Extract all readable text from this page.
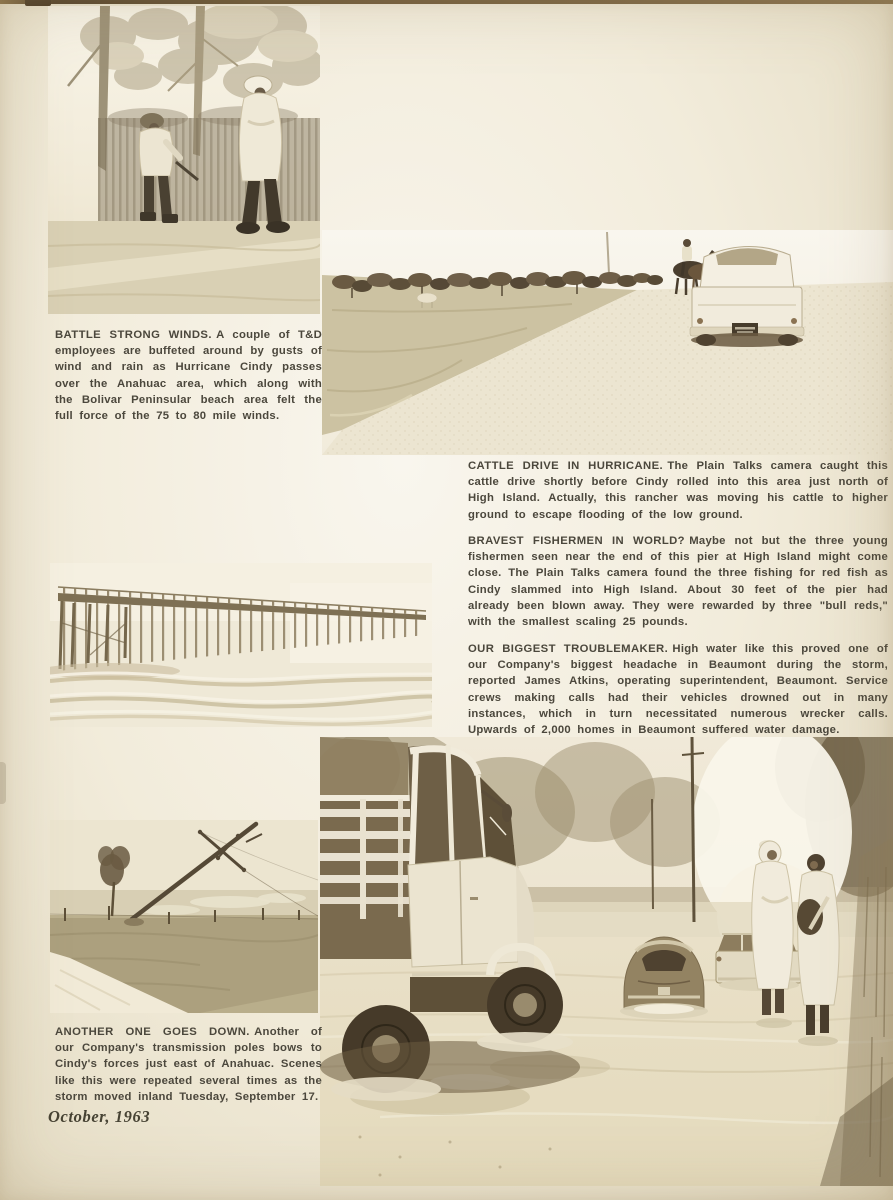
BATTLE STRONG WINDS. A couple of T&D employees are buffeted around by gusts of wind and rain as Hurricane Cindy passes over the Anahuac area, which along with the Bolivar Peninsular beach area felt the full force of the 75 to 80 mile winds.

CATTLE DRIVE IN HURRICANE. The Plain Talks camera caught this cattle drive shortly before Cindy rolled into this area just north of High Island. Actually, this rancher was moving his cattle to higher ground to escape flooding of the low ground.

BRAVEST FISHERMEN IN WORLD? Maybe not but the three young fishermen seen near the end of this pier at High Island might come close. The Plain Talks camera found the three fishing for red fish as Cindy slammed into High Island. About 30 feet of the pier had already been blown away. They were rewarded by three "bull reds," with the smallest scaling 25 pounds.

OUR BIGGEST TROUBLEMAKER. High water like this proved one of our Company's biggest headache in Beaumont during the storm, reported James Atkins, operating superintendent, Beaumont. Service crews making calls had their vehicles drowned out in many instances, which in turn necessitated numerous wrecker calls. Upwards of 2,000 homes in Beaumont suffered water damage.

ANOTHER ONE GOES DOWN. Another of our Company's transmission poles bows to Cindy's forces just east of Anahuac. Scenes like this were repeated several times as the storm moved inland Tuesday, September 17.

October, 1963
